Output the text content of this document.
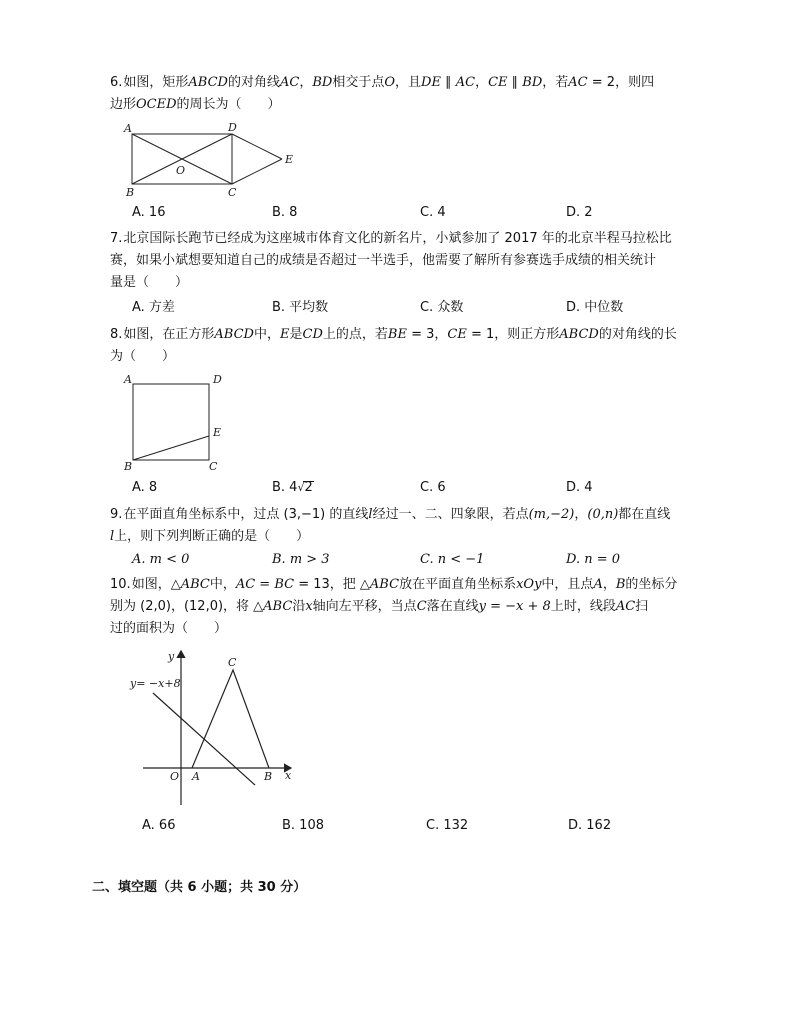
6.如图，矩形ABCD的对角线AC，BD相交于点O，且DE ∥ AC，CE ∥ BD，若AC = 2，则四
边形OCED的周长为（　　）
A	D
E
O
B	C
A. 16	B. 8	C. 4	D. 2
7.北京国际长跑节已经成为这座城市体育文化的新名片，小斌参加了 2017 年的北京半程马拉松比
赛，如果小斌想要知道自己的成绩是否超过一半选手，他需要了解所有参赛选手成绩的相关统计
量是（　　）
A. 方差	B. 平均数	C. 众数	D. 中位数
8.如图，在正方形ABCD中，E是CD上的点，若BE = 3，CE = 1，则正方形ABCD的对角线的长
为（　　）
A	D
E
B	C
A. 8	B. 4√2	C. 6	D. 4
9.在平面直角坐标系中，过点 (3,−1) 的直线l经过一、二、四象限，若点(m,−2)，(0,n)都在直线
l上，则下列判断正确的是（　　）
A. m < 0	B. m > 3	C. n < −1	D. n = 0
10.如图，△ABC中，AC = BC = 13，把 △ABC放在平面直角坐标系xOy中，且点A，B的坐标分
别为 (2,0)，(12,0)，将 △ABC沿x轴向左平移，当点C落在直线y = −x + 8上时，线段AC扫
过的面积为（　　）
y
y= −x+8
C
O A	B x
A. 66	B. 108	C. 132	D. 162
二、填空题（共 6 小题；共 30 分）
